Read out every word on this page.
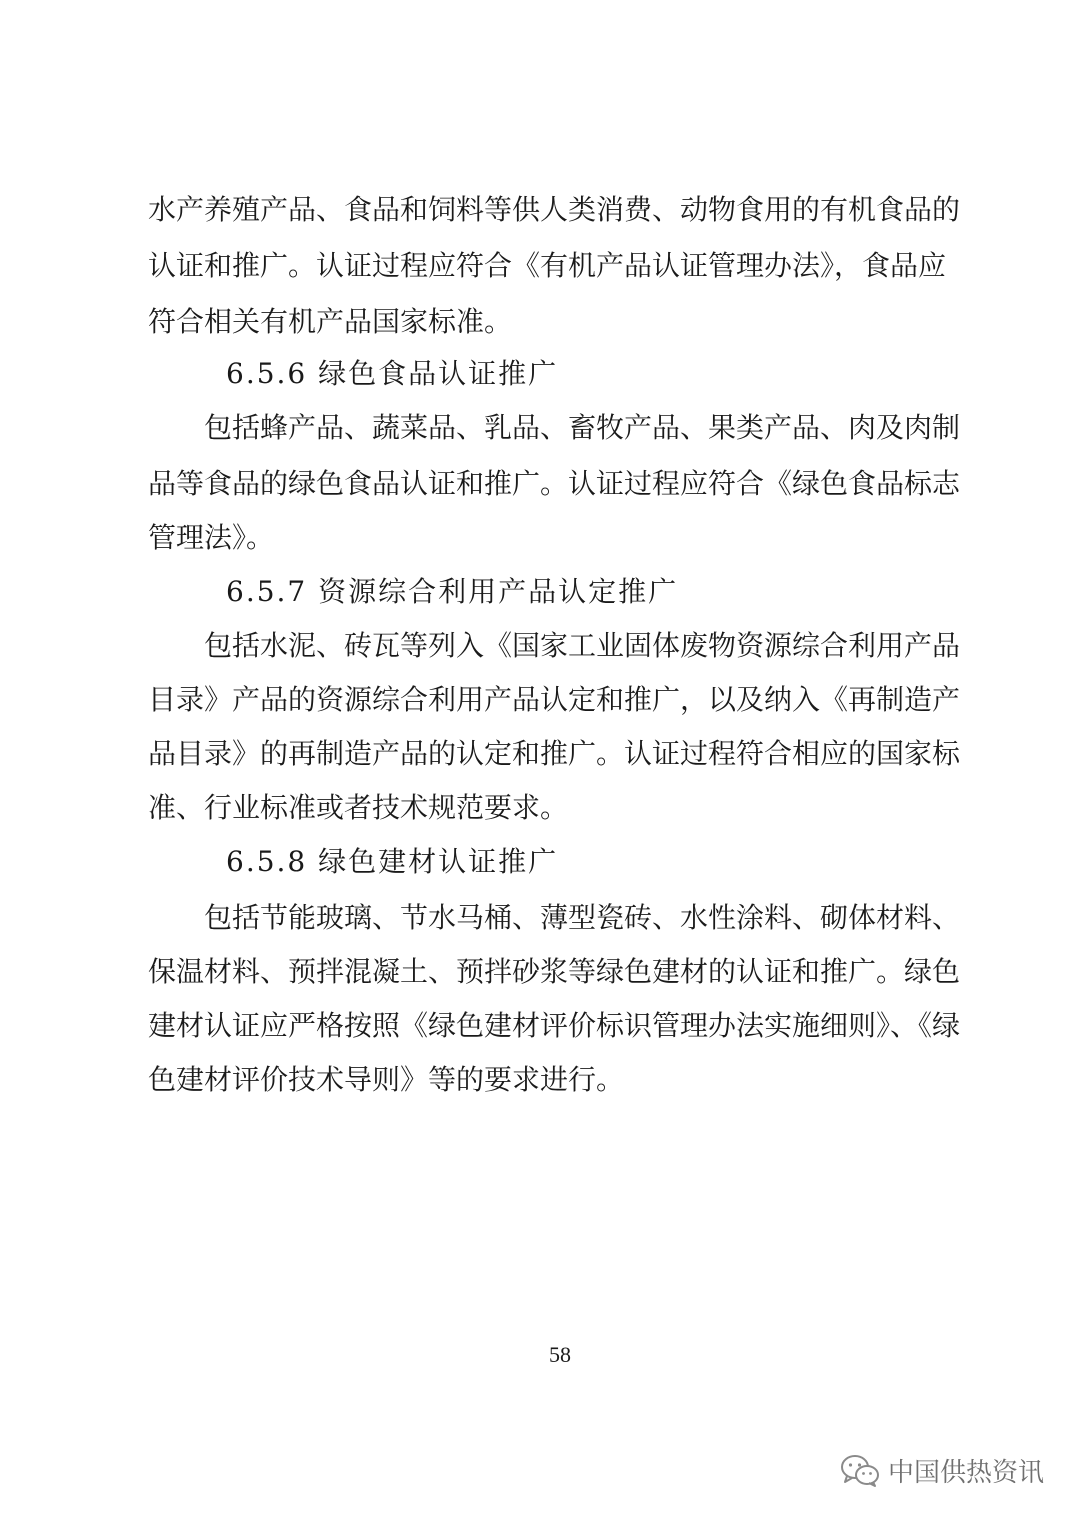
水产养殖产品、食品和饲料等供人类消费、动物食用的有机食品的
认证和推广。认证过程应符合《有机产品认证管理办法》，食品应
符合相关有机产品国家标准。
6.5.6 绿色食品认证推广
包括蜂产品、蔬菜品、乳品、畜牧产品、果类产品、肉及肉制
品等食品的绿色食品认证和推广。认证过程应符合《绿色食品标志
管理法》。
6.5.7 资源综合利用产品认定推广
包括水泥、砖瓦等列入《国家工业固体废物资源综合利用产品
目录》产品的资源综合利用产品认定和推广，以及纳入《再制造产
品目录》的再制造产品的认定和推广。认证过程符合相应的国家标
准、行业标准或者技术规范要求。
6.5.8 绿色建材认证推广
包括节能玻璃、节水马桶、薄型瓷砖、水性涂料、砌体材料、
保温材料、预拌混凝土、预拌砂浆等绿色建材的认证和推广。绿色
建材认证应严格按照《绿色建材评价标识管理办法实施细则》、《绿
色建材评价技术导则》等的要求进行。
58
中国供热资讯
